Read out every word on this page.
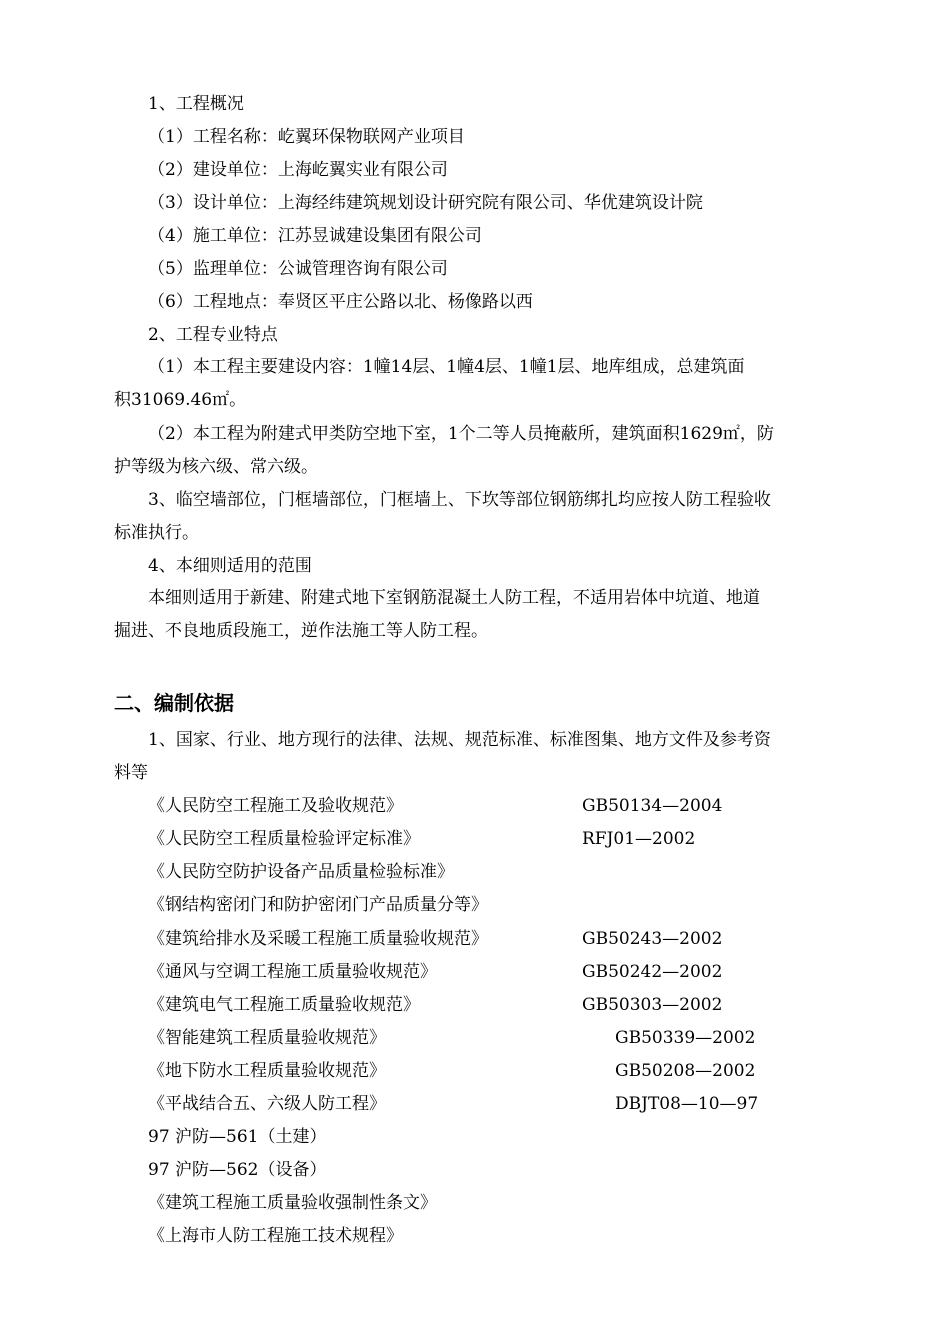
1、工程概况
（1）工程名称：屹翼环保物联网产业项目
（2）建设单位：上海屹翼实业有限公司
（3）设计单位：上海经纬建筑规划设计研究院有限公司、华优建筑设计院
（4）施工单位：江苏昱诚建设集团有限公司
（5）监理单位：公诚管理咨询有限公司
（6）工程地点：奉贤区平庄公路以北、杨像路以西
2、工程专业特点
（1）本工程主要建设内容：1幢14层、1幢4层、1幢1层、地库组成，总建筑面
积31069.46㎡。
（2）本工程为附建式甲类防空地下室，1个二等人员掩蔽所，建筑面积1629㎡，防
护等级为核六级、常六级。
3、临空墙部位，门框墙部位，门框墙上、下坎等部位钢筋绑扎均应按人防工程验收
标准执行。
4、本细则适用的范围
本细则适用于新建、附建式地下室钢筋混凝土人防工程，不适用岩体中坑道、地道
掘进、不良地质段施工，逆作法施工等人防工程。
二、编制依据
1、国家、行业、地方现行的法律、法规、规范标准、标准图集、地方文件及参考资
料等
《人民防空工程施工及验收规范》	GB50134—2004
《人民防空工程质量检验评定标准》	RFJ01—2002
《人民防空防护设备产品质量检验标准》
《钢结构密闭门和防护密闭门产品质量分等》
《建筑给排水及采暖工程施工质量验收规范》	GB50243—2002
《通风与空调工程施工质量验收规范》	GB50242—2002
《建筑电气工程施工质量验收规范》	GB50303—2002
《智能建筑工程质量验收规范》	GB50339—2002
《地下防水工程质量验收规范》	GB50208—2002
《平战结合五、六级人防工程》	DBJT08—10—97
97 沪防—561（土建）
97 沪防—562（设备）
《建筑工程施工质量验收强制性条文》
《上海市人防工程施工技术规程》
